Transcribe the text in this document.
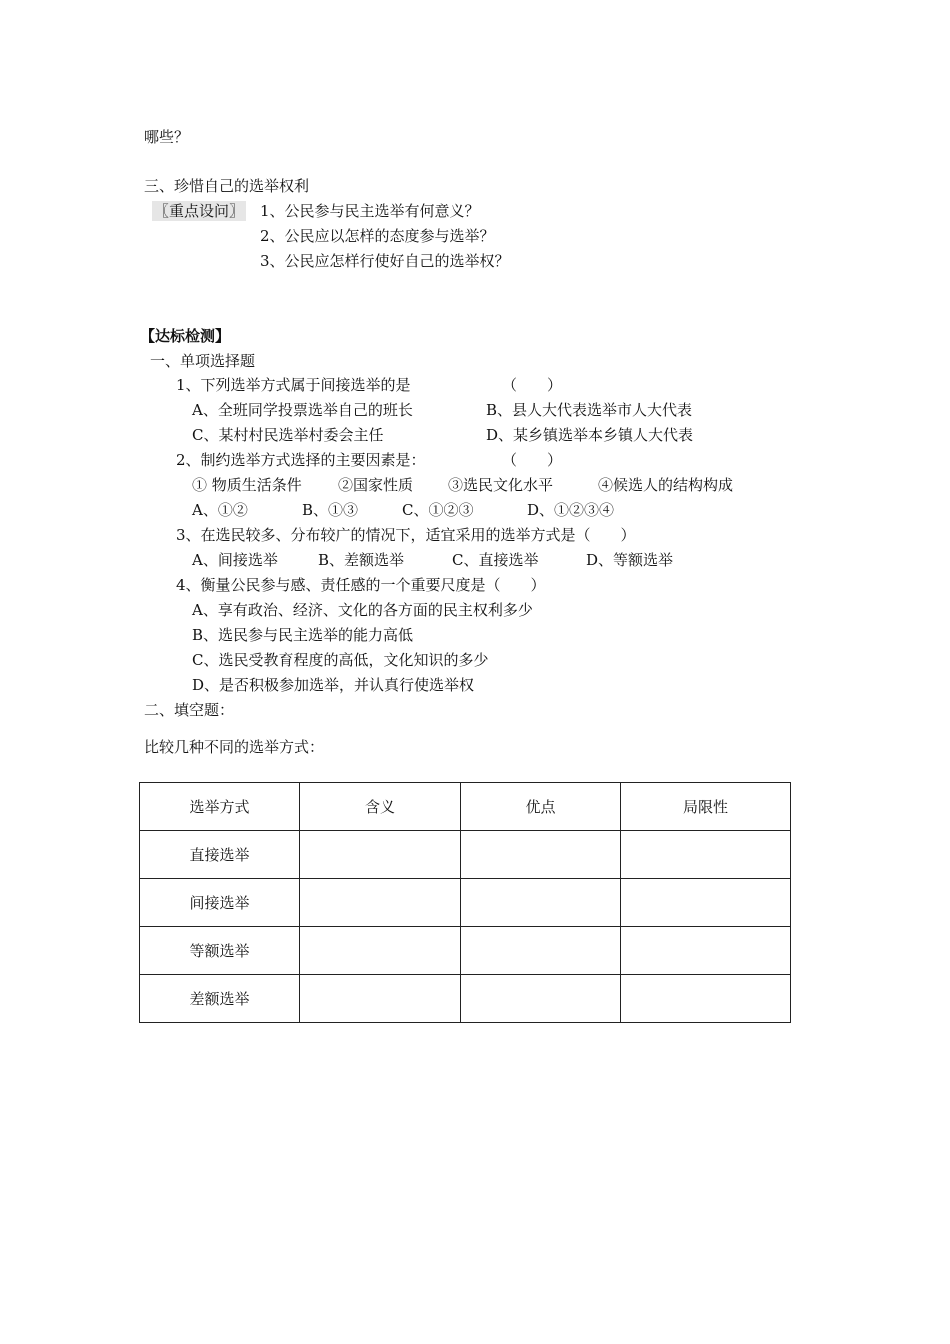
哪些？
三、珍惜自己的选举权利
〖重点设问〗 1、公民参与民主选举有何意义？
2、公民应以怎样的态度参与选举？
3、公民应怎样行使好自己的选举权？
【达标检测】
一、单项选择题
1、下列选举方式属于间接选举的是	（　　）
A、全班同学投票选举自己的班长	B、县人大代表选举市人大代表
C、某村村民选举村委会主任	D、某乡镇选举本乡镇人大代表
2、制约选举方式选择的主要因素是：	（　　）
① 物质生活条件 ②国家性质 ③选民文化水平	④候选人的结构构成
A、①②	B、①③	C、①②③	D、①②③④
3、在选民较多、分布较广的情况下，适宜采用的选举方式是（　　）
A、间接选举	B、差额选举	C、直接选举	D、等额选举
4、衡量公民参与感、责任感的一个重要尺度是（　　）
A、享有政治、经济、文化的各方面的民主权利多少
B、选民参与民主选举的能力高低
C、选民受教育程度的高低，文化知识的多少
D、是否积极参加选举，并认真行使选举权
二、填空题：
比较几种不同的选举方式：
选举方式	含义	优点	局限性
直接选举			
间接选举			
等额选举			
差额选举			
